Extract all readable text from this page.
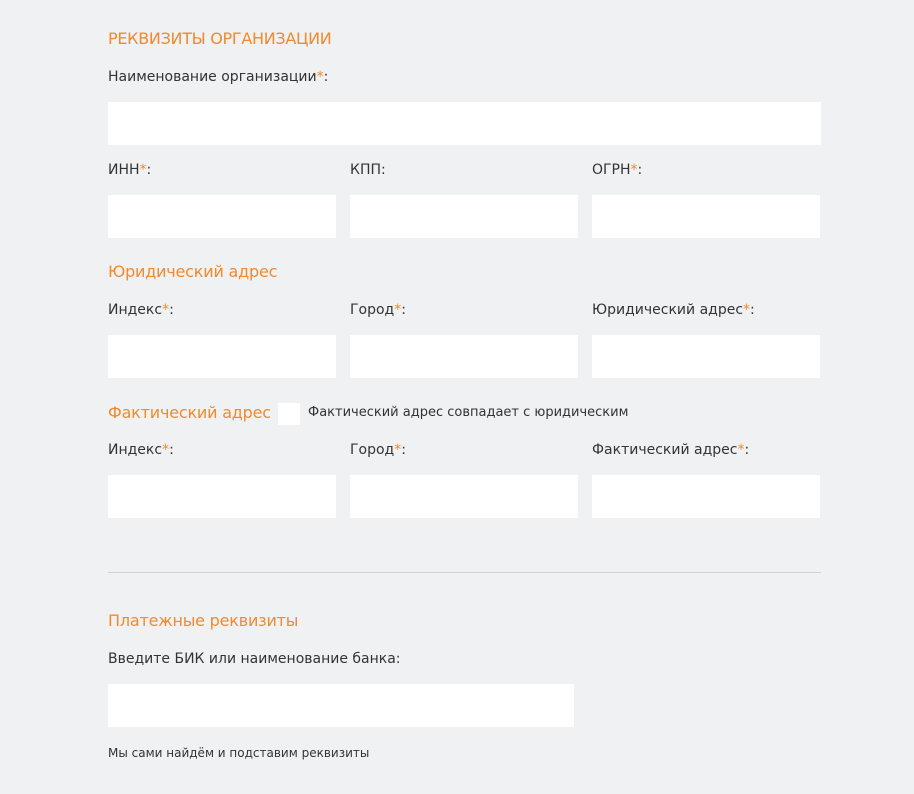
РЕКВИЗИТЫ ОРГАНИЗАЦИИ
Наименование организации*:
ИНН*:	КПП:	ОГРН*:
Юридический адрес
Индекс*:	Город*:	Юридический адрес*:
Фактический адрес	Фактический адрес совпадает с юридическим
Индекс*:	Город*:	Фактический адрес*:
Платежные реквизиты
Введите БИК или наименование банка:
Мы сами найдём и подставим реквизиты
